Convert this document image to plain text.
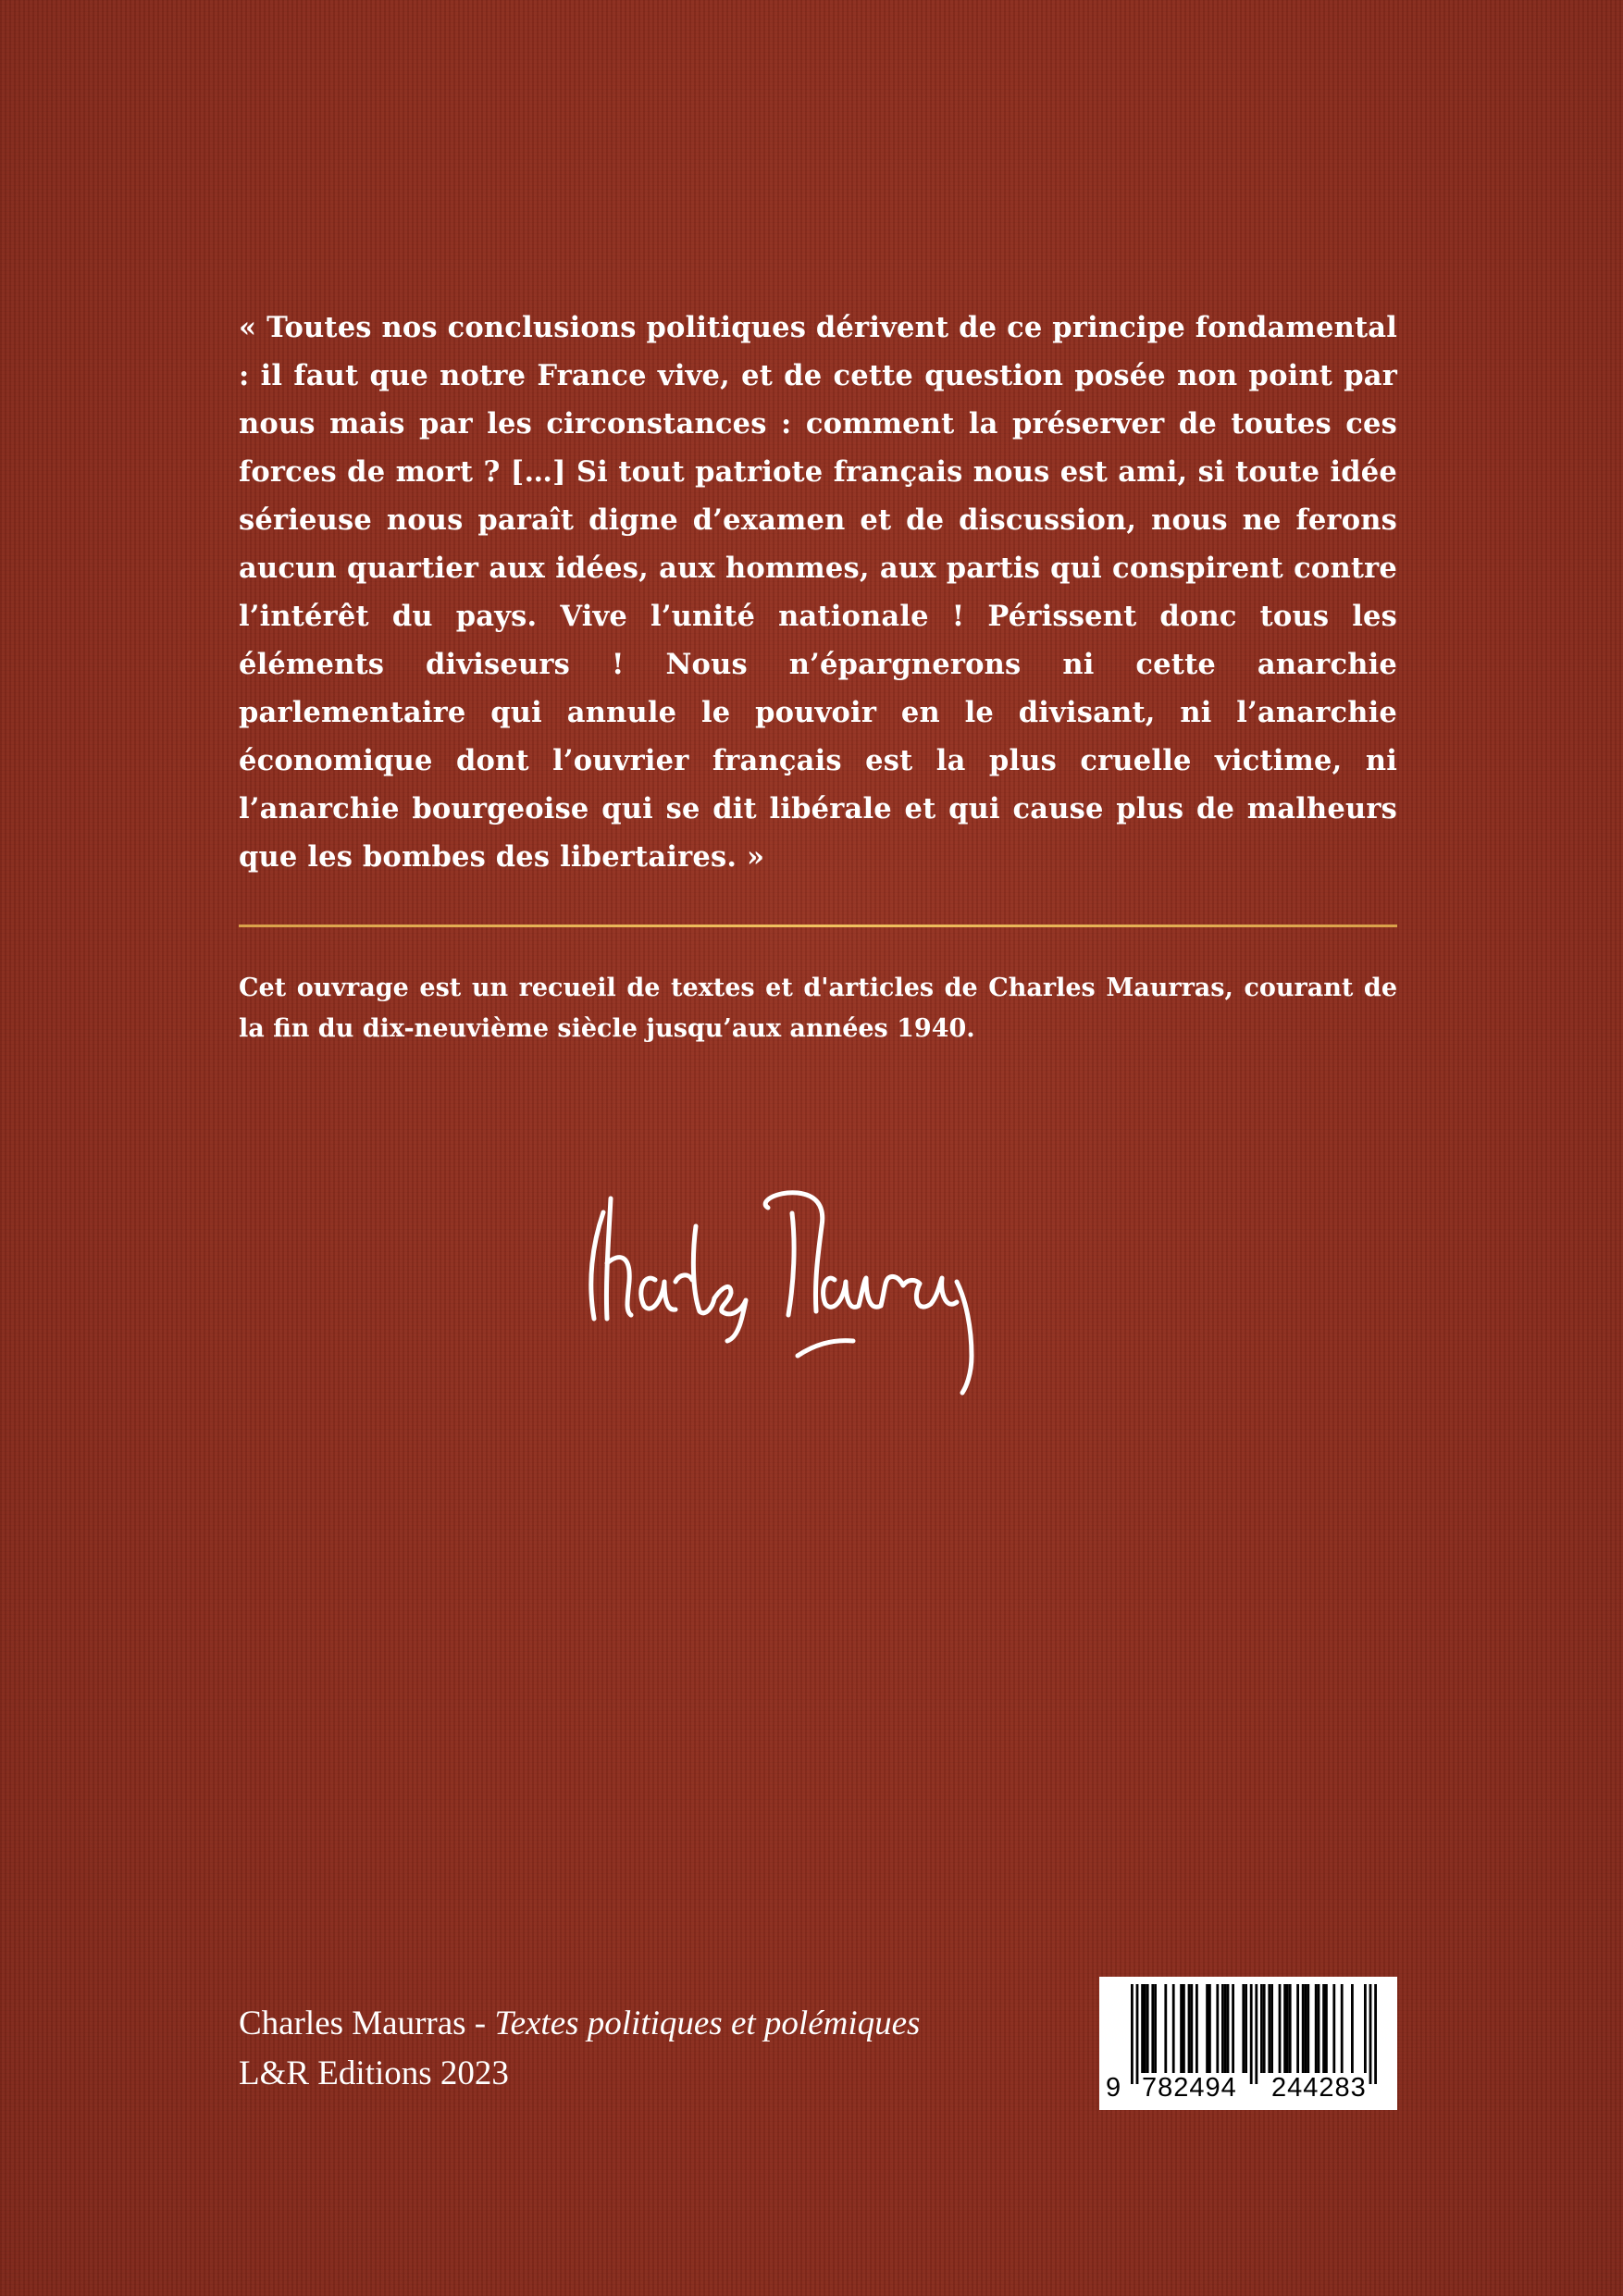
« Toutes nos conclusions politiques dérivent de ce principe fondamental : il faut que notre France vive, et de cette question posée non point par nous mais par les circonstances : comment la préserver de toutes ces forces de mort ? […] Si tout patriote français nous est ami, si toute idée sérieuse nous paraît digne d’examen et de discussion, nous ne ferons aucun quartier aux idées, aux hommes, aux partis qui conspirent contre l’intérêt du pays. Vive l’unité nationale ! Périssent donc tous les éléments diviseurs ! Nous n’épargnerons ni cette anarchie parlementaire qui annule le pouvoir en le divisant, ni l’anarchie économique dont l’ouvrier français est la plus cruelle victime, ni l’anarchie bourgeoise qui se dit libérale et qui cause plus de malheurs que les bombes des libertaires. »

Cet ouvrage est un recueil de textes et d'articles de Charles Maurras, courant de la fin du dix-neuvième siècle jusqu’aux années 1940.

Charles Maurras - Textes politiques et polémiques
L&R Editions 2023	9 782494 244283
